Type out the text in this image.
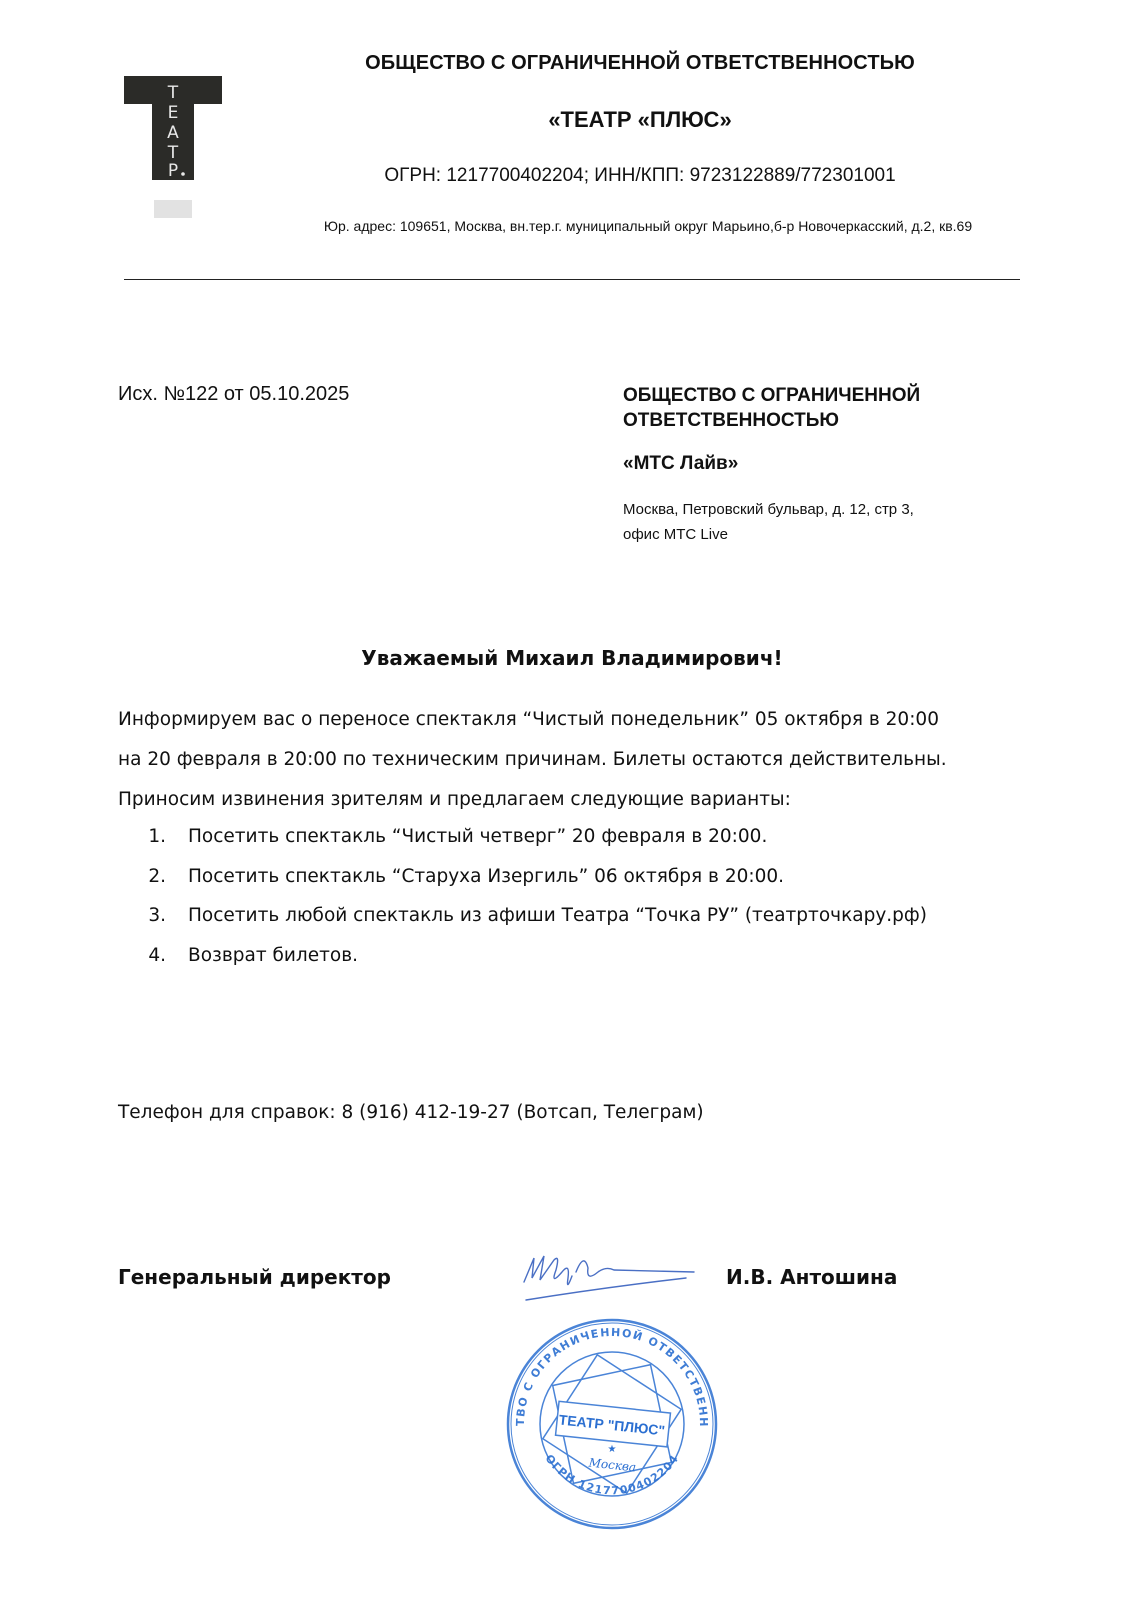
Т
Е
А
Т
Р
ОБЩЕСТВО С ОГРАНИЧЕННОЙ ОТВЕТСТВЕННОСТЬЮ
«ТЕАТР «ПЛЮС»
ОГРН: 1217700402204; ИНН/КПП: 9723122889/772301001
Юр. адрес: 109651, Москва, вн.тер.г. муниципальный округ Марьино,б-р Новочеркасский, д.2, кв.69
Исх. №122 от 05.10.2025	ОБЩЕСТВО С ОГРАНИЧЕННОЙ
ОТВЕТСТВЕННОСТЬЮ
«МТС Лайв»
Москва, Петровский бульвар, д. 12, стр 3,
офис MTC Live
Уважаемый Михаил Владимирович!

Информируем вас о переносе спектакля “Чистый понедельник” 05 октября в 20:00

на 20 февраля в 20:00 по техническим причинам. Билеты остаются действительны.

Приносим извинения зрителям и предлагаем следующие варианты:

1.	Посетить спектакль “Чистый четверг” 20 февраля в 20:00.
2.	Посетить спектакль “Старуха Изергиль” 06 октября в 20:00.
3.	Посетить любой спектакль из афиши Театра “Точка РУ” (театрточкару.рф)
4.	Возврат билетов.
Телефон для справок: 8 (916) 412-19-27 (Вотсап, Телеграм)
Генеральный директор	И.В. Антошина
ТВО С ОГРАНИЧЕННОЙ ОТВЕТСТВЕНН
ОГРН 1217700402204
ТЕАТР "ПЛЮС"
★
Москва
